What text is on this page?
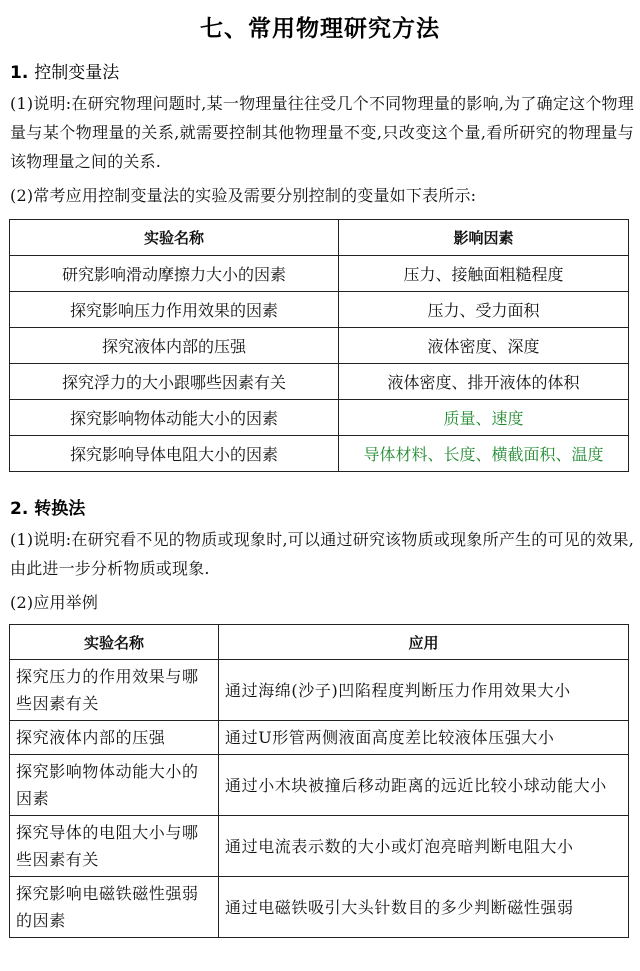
七、常用物理研究方法
1. 控制变量法
(1)说明:在研究物理问题时,某一物理量往往受几个不同物理量的影响,为了确定这个物理量与某个物理量的关系,就需要控制其他物理量不变,只改变这个量,看所研究的物理量与该物理量之间的关系.
(2)常考应用控制变量法的实验及需要分别控制的变量如下表所示:
实验名称	影响因素
研究影响滑动摩擦力大小的因素	压力、接触面粗糙程度
探究影响压力作用效果的因素	压力、受力面积
探究液体内部的压强	液体密度、深度
探究浮力的大小跟哪些因素有关	液体密度、排开液体的体积
探究影响物体动能大小的因素	质量、速度
探究影响导体电阻大小的因素	导体材料、长度、横截面积、温度
2. 转换法
(1)说明:在研究看不见的物质或现象时,可以通过研究该物质或现象所产生的可见的效果,由此进一步分析物质或现象.
(2)应用举例
实验名称	应用
探究压力的作用效果与哪些因素有关	通过海绵(沙子)凹陷程度判断压力作用效果大小
探究液体内部的压强	通过U形管两侧液面高度差比较液体压强大小
探究影响物体动能大小的因素	通过小木块被撞后移动距离的远近比较小球动能大小
探究导体的电阻大小与哪些因素有关	通过电流表示数的大小或灯泡亮暗判断电阻大小
探究影响电磁铁磁性强弱的因素	通过电磁铁吸引大头针数目的多少判断磁性强弱
